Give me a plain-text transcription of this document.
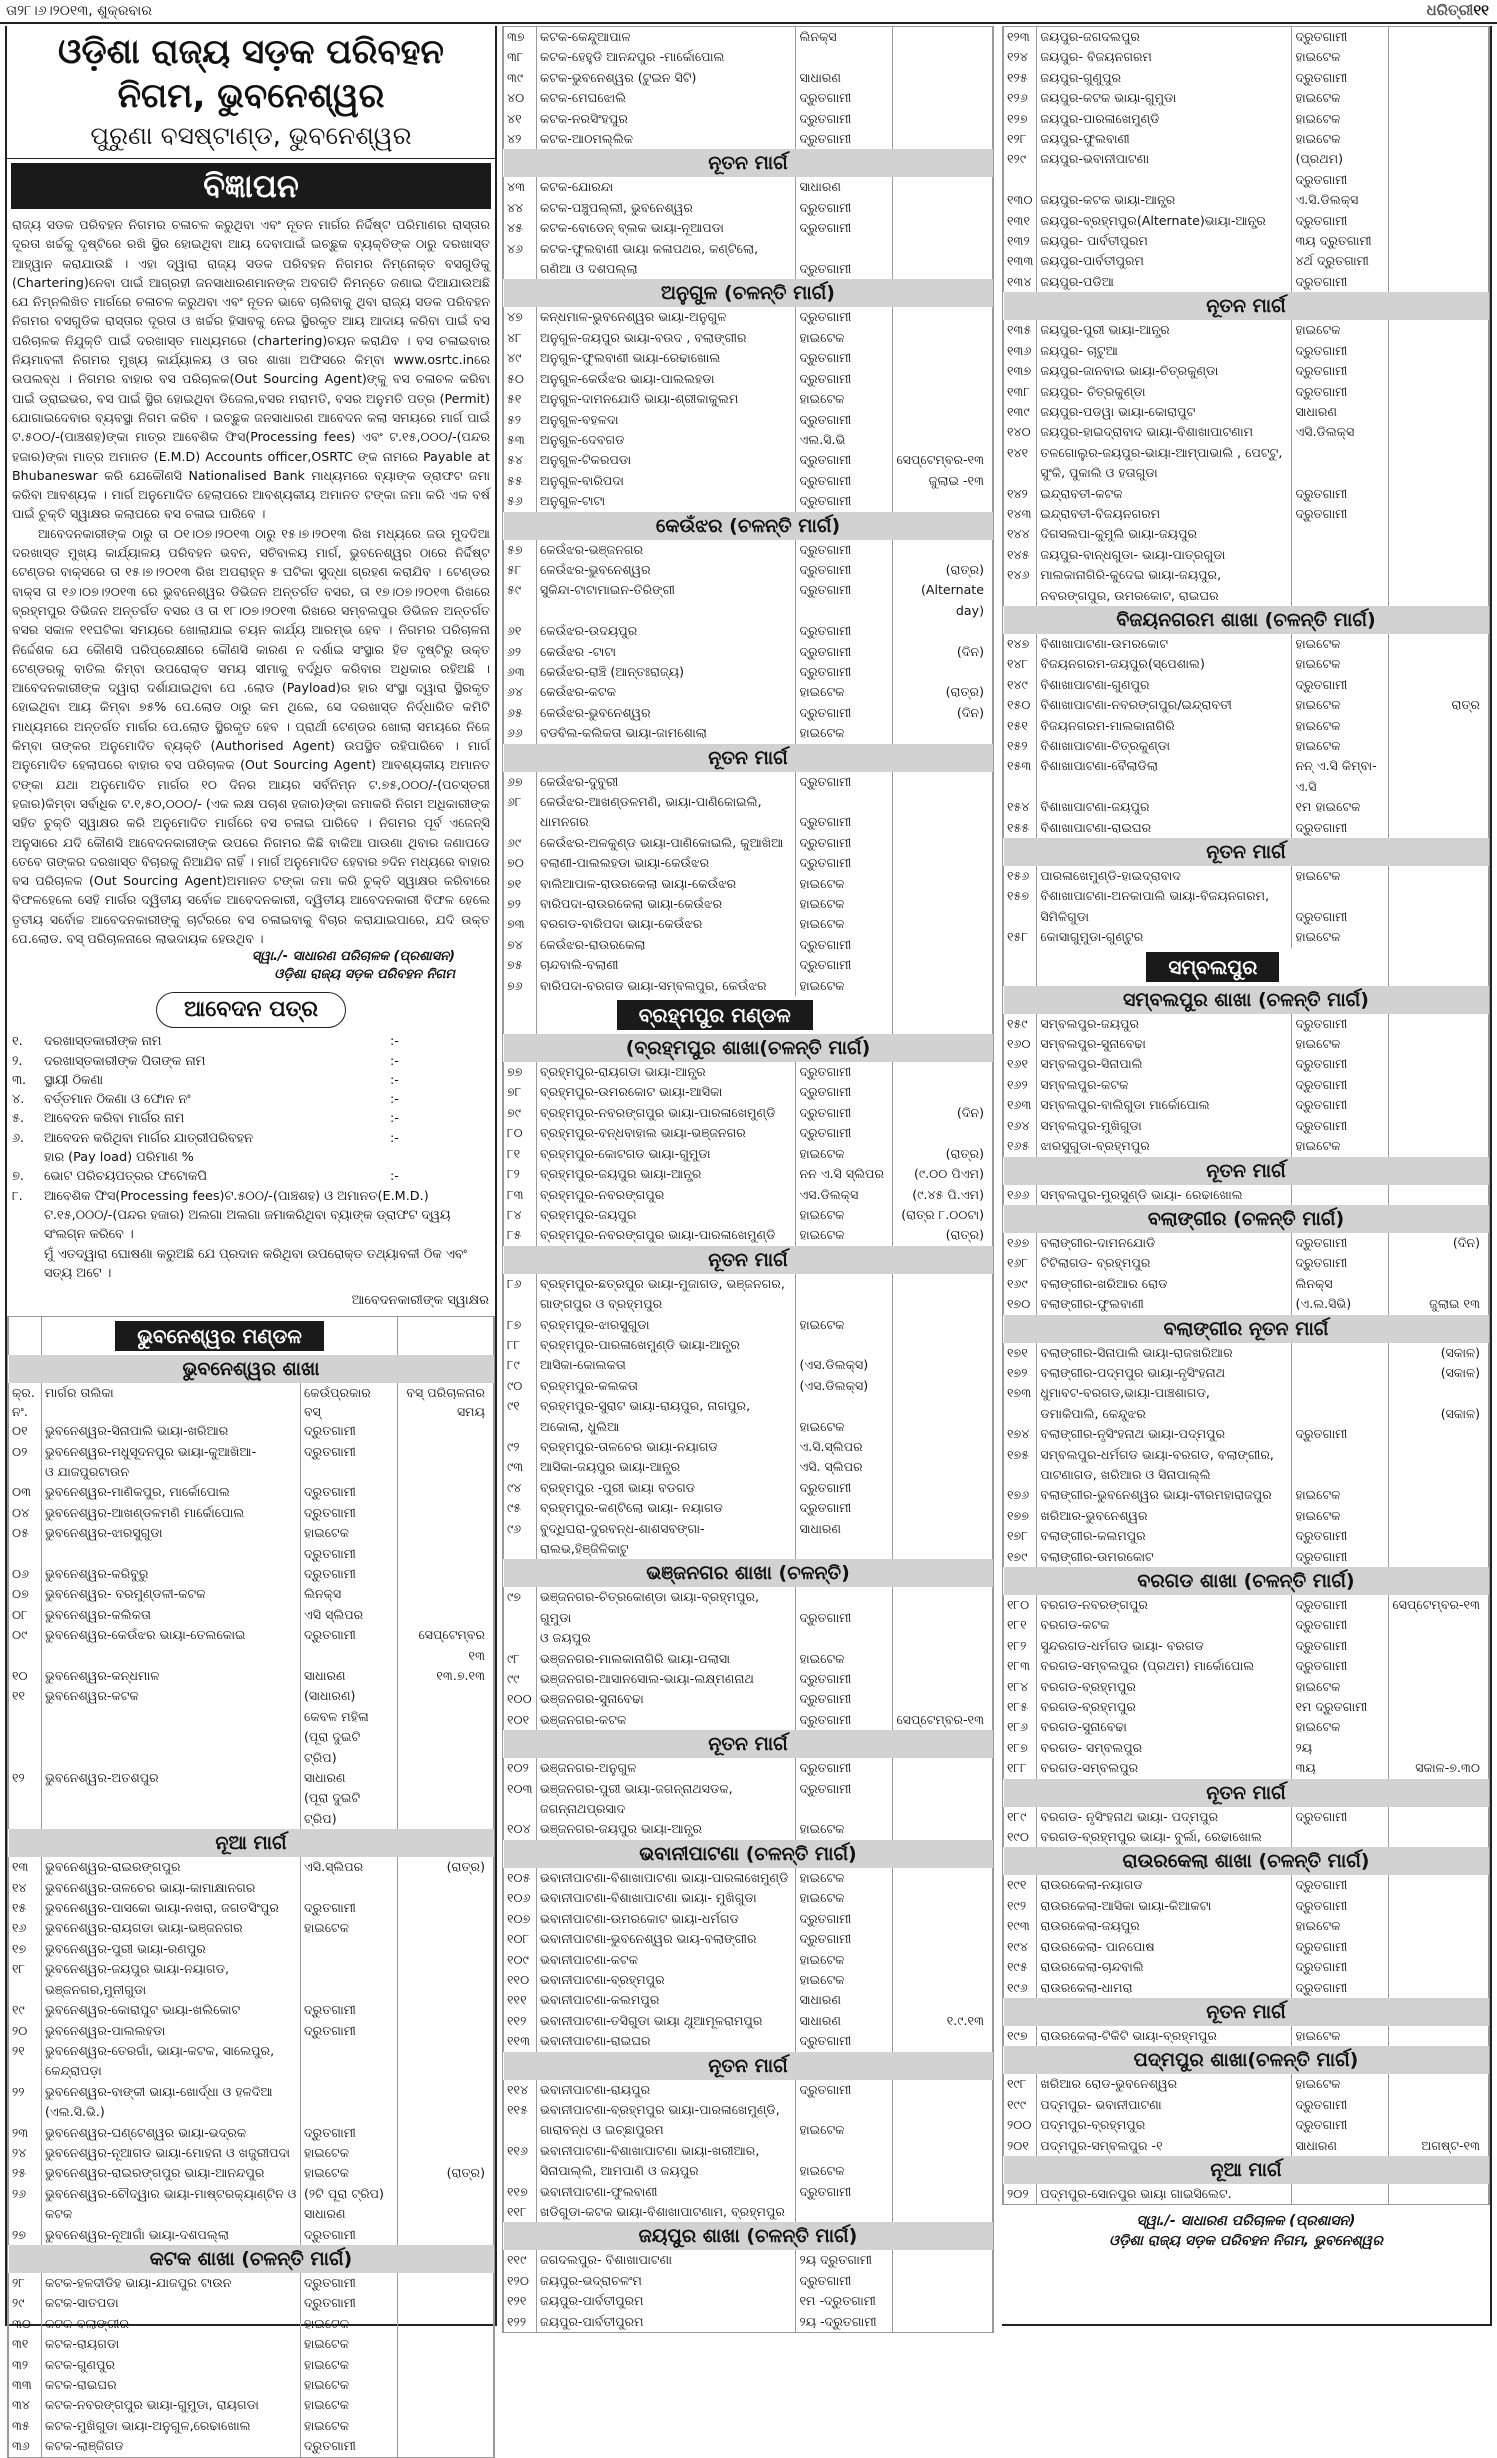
ତା୨୮।୬।୨୦୧୩, ଶୁକ୍ରବାର	ଧରିତ୍ରୀ୧୧
ଓଡ଼ିଶା ରାଜ୍ୟ ସଡ଼କ ପରିବହନ
ନିଗମ, ଭୁବନେଶ୍ୱର
ପୁରୁଣା ବସଷ୍ଟାଣ୍ଡ, ଭୁବନେଶ୍ୱର
ବିଜ୍ଞାପନ

ରାଜ୍ୟ ସଡକ ପରିବହନ ନିଗମର ଚଳାଚଳ କରୁଥିବା ଏବଂ ନୂତନ ମାର୍ଗର ନିର୍ଦ୍ଦିଷ୍ଟ ପରିମାଣର ରାସ୍ତାର ଦୂରତା ଖର୍ଚ୍ଚକୁ ଦୃଷ୍ଟିରେ ରଖି ସ୍ଥିର ହୋଇଥିବା ଆୟ ଦେବାପାଇଁ ଇଚ୍ଛୁକ ବ୍ୟକ୍ତିଙ୍କ ଠାରୁ ଦରଖାସ୍ତ ଆହ୍ୱାନ କରାଯାଉଛି । ଏହା ଦ୍ୱାରା ରାଜ୍ୟ ସଡକ ପରିବହନ ନିଗମର ନିମ୍ନୋକ୍ତ ବସଗୁଡିକୁ (Chartering)ନେବା ପାଇଁ ଆଗ୍ରହୀ ଜନସାଧାରଣମାନଙ୍କ ଅବଗତି ନିମନ୍ତେ ଜଣାଇ ଦିଆଯାଉଅଛି ଯେ ନିମ୍ନଲିଖିତ ମାର୍ଗରେ ଚଳାଚଳ କରୁଥବା ଏବଂ ନୂତନ ଭାବେ ଚାଲିବାକୁ ଥିବା ରାଜ୍ୟ ସଡକ ପରିବହନ ନିଗମର ବସଗୁଡିକ ରାସ୍ତାର ଦୂରତା ଓ ଖର୍ଚ୍ଚର ହିସାବକୁ ନେଇ ସ୍ଥିରକୃତ ଆୟ ଆଦାୟ କରିବା ପାଇଁ ବସ ପରିଚାଳକ ନିଯୁକ୍ତି ପାଇଁ ଦରଖାସ୍ତ ମାଧ୍ୟମରେ (chartering)ଚୟନ କରାଯିବ । ବସ ଚଳାଇବାର ନିୟମାବଳୀ ନିଗମର ମୁଖ୍ୟ କାର୍ଯ୍ୟାଳୟ ଓ ତାର ଶାଖା ଅଫିସରେ କିମ୍ବା www.osrtc.inରେ ଉପଲବ୍ଧ । ନିଗମର ବାହାର ବସ ପରିଚାଳକ(Out Sourcing Agent)ଙ୍କୁ ବସ ଚଳାଚଳ କରିବା ପାଇଁ ଡ୍ରାଇଭର, ବସ ପାଇଁ ସ୍ଥିର ହୋଇଥିବା ଡିଜେଲ,ବସର ମରାମତି, ବସର ଅନୁମତି ପତ୍ର (Permit) ଯୋଗାଇଦେବାର ବ୍ୟବସ୍ଥା ନିଗମ କରିବ । ଇଚ୍ଛୁକ ଜନସାଧାରଣ ଆବେଦନ କଲା ସମୟରେ ମାର୍ଗ ପାଇଁ ଟ.୫୦୦/-(ପାଞ୍ଚଶହ)ଙ୍କା ମାତ୍ର ଆବେଶିକ ଫିସ(Processing fees) ଏବଂ ଟ.୧୫,୦୦୦/-(ପନ୍ଦର ହଜାର)ଙ୍କା ମାତ୍ର ଅମାନତ (E.M.D) Accounts officer,OSRTC ଙ୍କ ନାମରେ Payable at Bhubaneswar କରି ଯେକୌଣସି Nationalised Bank ମାଧ୍ୟମରେ ବ୍ୟାଙ୍କ ଡ୍ରାଫଟ ଜମା କରିବା ଆବଶ୍ୟକ । ମାର୍ଗ ଅନୁମୋଦିତ ହେଲାପରେ ଆବଶ୍ୟକୀୟ ଅମାନତ ଟଙ୍କା ଜମା କରି ଏକ ବର୍ଷ ପାଇଁ ଚୁକ୍ତି ସ୍ୱାକ୍ଷର କଲାପରେ ବସ ଚଳାଇ ପାରିବେ ।

ଆବେଦନକାରୀଙ୍କ ଠାରୁ ତା ୦୧।୦୭।୨୦୧୩ ଠାରୁ ୧୫।୭।୨୦୧୩ ରିଖ ମଧ୍ୟରେ ଜଉ ମୁଦଦିଆ ଦରଖାସ୍ତ ମୁଖ୍ୟ କାର୍ଯ୍ୟାଳୟ ପରିବହନ ଭବନ, ସଚିବାଳୟ ମାର୍ଗ, ଭୁବନେଶ୍ୱର ଠାରେ ନିର୍ଦ୍ଦିଷ୍ଟ ଟେଣ୍ଡର ବାକ୍ସରେ ତା ୧୫।୭।୨୦୧୩ ରିଖ ଅପରାହ୍ନ ୫ ଘଟିକା ସୁଦ୍ଧା ଗ୍ରହଣ କରାଯିବ । ଟେଣ୍ଡର ବାକ୍ସ ତା ୧୬।୦୭।୨୦୧୩ ରେ ଭୁବନେଶ୍ୱର ଡିଭିଜନ ଅନ୍ତର୍ଗତ ବସର, ତା ୧୭।୦୭।୨୦୧୩ ରିଖରେ ବ୍ରହ୍ମପୁର ଡିଭିଜନ ଅନ୍ତର୍ଗତ ବସର ଓ ତା ୧୮।୦୭।୨୦୧୩ ରିଖରେ ସମ୍ବଲପୁର ଡିଭିଜନ ଅନ୍ତର୍ଗତ ବସର ସକାଳ ୧୧ଘଟିକା ସମୟରେ ଖୋଲାଯାଇ ଚୟନ କାର୍ଯ୍ୟ ଆରମ୍ଭ ହେବ । ନିଗମର ପରିଚାଳନା ନିର୍ଦ୍ଦେଶକ ଯେ କୌଣସି ପରିପ୍ରେକ୍ଷୀରେ କୌଣସି କାରଣ ନ ଦର୍ଶାଇ ସଂସ୍ଥାର ହିତ ଦୃଷ୍ଟିରୁ ଉକ୍ତ ଟେଣ୍ଡରକୁ ବାତିଲ କିମ୍ବା ଉପରୋକ୍ତ ସମୟ ସୀମାକୁ ବର୍ଦ୍ଧିତ କରିବାର ଅଧିକାର ରହିଅଛି । ଆବେଦନକାରୀଙ୍କ ଦ୍ୱାରା ଦର୍ଶାଯାଇଥିବା ପେ .ଲୋଡ (Payload)ର ହାର ସଂସ୍ଥା ଦ୍ୱାରା ସ୍ଥିରକୃତ ହୋଇଥିବା ଆୟ କିମ୍ବା ୭୫% ପେ.ଲୋଡ ଠାରୁ କମ ଥିଲେ, ସେ ଦରଖାସ୍ତ ନିର୍ଦ୍ଧାରିତ କମିଟି ମାଧ୍ୟମରେ ଅନ୍ତର୍ଗତ ମାର୍ଗର ପେ.ଲୋଡ ସ୍ଥିରକୃତ ହେବ । ପ୍ରାର୍ଥୀ ଟେଣ୍ଡର ଖୋଲା ସମୟରେ ନିଜେ କିମ୍ବା ତାଙ୍କର ଅନୁମୋଦିତ ବ୍ୟକ୍ତି (Authorised Agent) ଉପସ୍ଥିତ ରହିପାରିବେ । ମାର୍ଗ ଅନୁମୋଦିତ ହେଲାପରେ ବାହାର ବସ ପରିଚାଳକ (Out Sourcing Agent) ଆବଶ୍ୟକୀୟ ଅମାନତ ଟଙ୍କା ଯଥା ଅନୁମୋଦିତ ମାର୍ଗର ୧୦ ଦିନର ଆୟର ସର୍ବନିମ୍ନ ଟ.୭୫,୦୦୦/-(ପଚସ୍ତରୀ ହଜାର)କିମ୍ବା ସର୍ବାଧିକ ଟ.୧,୫୦,୦୦୦/- (ଏକ ଲକ୍ଷ ପଚାଶ ହଜାର)ଙ୍କା ଜମାକରି ନିଗମ ଅଧିକାରୀଙ୍କ ସହିତ ଚୁକ୍ତି ସ୍ୱାକ୍ଷର କରି ଅନୁମୋଦିତ ମାର୍ଗରେ ବସ ଚଳାଇ ପାରିବେ । ନିଗମର ପୂର୍ବ ଏଜେନ୍ସି ଅନୁସାରେ ଯଦି କୌଣସି ଆବେଦନକାରୀଙ୍କ ଉପରେ ନିଗମର କିଛି ବାକିଆ ପାଉଣା ଥିବାର ଜଣାପଡେ ତେବେ ତାଙ୍କର ଦରଖାସ୍ତ ବିଚାରକୁ ନିଆଯିବ ନାହିଁ । ମାର୍ଗ ଅନୁମୋଦିତ ହେବାର ୭ଦିନ ମଧ୍ୟରେ ବାହାର ବସ ପରିଚାଳକ (Out Sourcing Agent)ଅମାନତ ଟଙ୍କା ଜମା କରି ଚୁକ୍ତି ସ୍ୱାକ୍ଷର କରିବାରେ ବିଫଳହେଲେ ସେହି ମାର୍ଗର ଦ୍ୱିତୀୟ ସର୍ବୋଚ୍ଚ ଆବେଦନକାରୀ, ଦ୍ୱିତୀୟ ଆବେଦନକାରୀ ବିଫଳ ହେଲେ ତୃତୀୟ ସର୍ବୋଚ୍ଚ ଆବେଦନକାରୀଙ୍କୁ ଚାର୍ଟରରେ ବସ ଚଳାଇବାକୁ ବିଚାର କରାଯାଇପାରେ, ଯଦି ଉକ୍ତ ପେ.ଲୋଡ. ବସ୍ ପରିଚାଳନାରେ ଲାଭଦାୟକ ହେଉଥିବ ।

ସ୍ୱା./- ସାଧାରଣ ପରିଚାଳକ (ପ୍ରଶାସନ)
ଓଡ଼ିଶା ରାଜ୍ୟ ସଡ଼କ ପରିବହନ ନିଗମ
ଆବେଦନ ପତ୍ର
୧.	ଦରଖାସ୍ତକାରୀଙ୍କ ନାମ	:-
୨.	ଦରଖାସ୍ତକାରୀଙ୍କ ପିତାଙ୍କ ନାମ	:-
୩.	ସ୍ଥାୟୀ ଠିକଣା	:-
୪.	ବର୍ତ୍ତମାନ ଠିକଣା ଓ ଫୋନ ନଂ	:-
୫.	ଆବେଦନ କରିବା ମାର୍ଗର ନାମ	:-
୬.	ଆବେଦନ କରିଥିବା ମାର୍ଗର ଯାତ୍ରୀପରିବହନ
ହାର (Pay load) ପରିମାଣ %
:-
୭.	ଭୋଟ ପରିଚୟପତ୍ରର ଫଟୋକପି	:-
୮.	ଆବେଶିକ ଫିସ(Processing fees)ଟ.୫୦୦/-(ପାଞ୍ଚଶହ) ଓ ଅମାନତ(E.M.D.) ଟ.୧୫,୦୦୦/-(ପନ୍ଦର ହଜାର) ଅଲଗା ଅଲଗା ଜମାକରିଥିବା ବ୍ୟାଙ୍କ ଡ୍ରାଫଟ ଦ୍ୱୟ ସଂଲଗ୍ନ କରିବେ ।
ମୁଁ ଏତଦ୍ୱାରା ଘୋଷଣା କରୁଅଛି ଯେ ପ୍ରଦାନ କରିଥିବା ଉପରୋକ୍ତ ତଥ୍ୟାବଳୀ ଠିକ ଏବଂ ସତ୍ୟ ଅଟେ ।
ଆବେଦନକାରୀଙ୍କ ସ୍ୱାକ୍ଷର
	ଭୁବନେଶ୍ୱର ମଣ୍ଡଳ		
ଭୁବନେଶ୍ୱର ଶାଖା			
କ୍ର.
ନଂ.	ମାର୍ଗର ତାଲିକା	କେଉଁପ୍ରକାର
ବସ୍	ବସ୍ ପରିଚାଳନାର
ସମୟ
୦୧	ଭୁବନେଶ୍ୱର-ସିନାପାଲି ଭାୟା-ଖରିଆର	ଦ୍ରୁତଗାମୀ	
୦୨	ଭୁବନେଶ୍ୱର-ମଧୁସୂଦନପୁର ଭାୟା-କୁଆଖିଆ-
ଓ ଯାଜପୁରଟାଉନ	ଦ୍ରୁତଗାମୀ	
୦୩	ଭୁବନେଶ୍ୱର-ମାଣିକପୁର, ମାର୍କୋପୋଲ	ଦ୍ରୁତଗାମୀ	
୦୪	ଭୁବନେଶ୍ୱର-ଆଖଣ୍ଡଳମଣି ମାର୍କୋପୋଲ	ଦ୍ରୁତଗାମୀ	
୦୫	ଭୁବନେଶ୍ୱର-ଝାରସୁଗୁଡା	ହାଇଟେକ ଦ୍ରୁତଗାମୀ	
୦୬	ଭୁବନେଶ୍ୱର-କରିବୁରୁ	ଦ୍ରୁତଗାମୀ	
୦୭	ଭୁବନେଶ୍ୱର- ବରମୁଣ୍ଡଳୀ-କଟକ	ଲିନକ୍ସ	
୦୮	ଭୁବନେଶ୍ୱର-କଲିକତା	ଏସି ସ୍ଲିପର	
୦୯	ଭୁବନେଶ୍ୱର-କେଉଁଝର ଭାୟା-ତେଲକୋଇ	ଦ୍ରୁତଗାମୀ	ସେପ୍ଟେମ୍ବର ୧୩
୧୦	ଭୁବନେଶ୍ୱର-କନ୍ଧମାଳ	ସାଧାରଣ	୧୩.୭.୧୩
୧୧	ଭୁବନେଶ୍ୱର-କଟକ	(ସାଧାରଣ)
କେବଳ ମହିଳା
(ପୂରା ଦୁଇଟି ଟ୍ରିପ)	
୧୨	ଭୁବନେଶ୍ୱର-ଅତଶପୁର	ସାଧାରଣ
(ପୂରା ଦୁଇଟି ଟ୍ରିପ)	
ନୂଆ ମାର୍ଗ			
୧୩	ଭୁବନେଶ୍ୱର-ରାଇରଙ୍ଗପୁର	ଏସି.ସ୍ଲିପର	(ରାତ୍ର)
୧୪	ଭୁବନେଶ୍ୱର-ତାଳଚେର ଭାୟା-କାମାକ୍ଷାନଗର		
୧୫	ଭୁବନେଶ୍ୱର-ପାସକୋ ଭାୟା-ନଖରା, ଜଗତସିଂପୁର	ଦ୍ରୁତଗାମୀ	
୧୬	ଭୁବନେଶ୍ୱର-ରାୟଗଡା ଭାୟା-ଭଞ୍ଜନଗର	ହାଇଟେକ	
୧୭	ଭୁବନେଶ୍ୱର-ପୁରୀ ଭାୟା-ରଣପୁର		
୧୮	ଭୁବନେଶ୍ୱର-ଜୟପୁର ଭାୟା-ନୟାଗଡ, ଭଞ୍ଜନଗର,ମୁନୀଗୁଡା		
୧୯	ଭୁବନେଶ୍ୱର-କୋରାପୁଟ ଭାୟା-ଖଲିକୋଟ	ଦ୍ରୁତଗାମୀ	
୨୦	ଭୁବନେଶ୍ୱର-ପାଲଲହଡା	ଦ୍ରୁତଗାମୀ	
୨୧	ଭୁବନେଶ୍ୱର-ତେରଗାଁ, ଭାୟା-କଟକ, ସାଲେପୁର, କେନ୍ଦ୍ରାପଡ଼ା		
୨୨	ଭୁବନେଶ୍ୱର-ବାଙ୍କୀ ଭାୟା-ଖୋର୍ଦ୍ଧା ଓ ହଳଦିଆ (ଏଲ.ସି.ଭି.)		
୨୩	ଭୁବନେଶ୍ୱର-ଘଣ୍ଟେଶ୍ୱର ଭାୟା-ଭଦ୍ରକ	ଦ୍ରୁତଗାମୀ	
୨୪	ଭୁବନେଶ୍ୱର-ନୂଆଗଡ ଭାୟା-ମୋହନା ଓ ଖଜୁରୀପଦା	ହାଇଟେକ	
୨୫	ଭୁବନେଶ୍ୱର-ରାଇରଙ୍ଗପୁର ଭାୟା-ଆନନ୍ଦପୁର	ହାଇଟେକ	(ରାତ୍ର)
୨୬	ଭୁବନେଶ୍ୱର-ଚୌଦ୍ୱାର ଭାୟା-ମାଷ୍ଟରକ୍ୟାଣ୍ଟିନ ଓ କଟକ	(୨ଟି ପୂରା ଟ୍ରିପ)
ସାଧାରଣ	
୨୭	ଭୁବନେଶ୍ୱର-ନୂଆଗାଁ ଭାୟା-ଦଶପଲ୍ଲା	ଦ୍ରୁତଗାମୀ	
କଟକ ଶାଖା (ଚଳନ୍ତି ମାର୍ଗ)			
୨୮	କଟକ-ହଳଦୀଡିହ ଭାୟା-ଯାଜପୁର ଟାଉନ	ଦ୍ରୁତଗାମୀ	
୨୯	କଟକ-ସାତପଡା	ଦ୍ରୁତଗାମୀ	
୩୦	କଟକ-ବଲାଙ୍ଗୀର	ହାଇଟେକ	
୩୧	କଟକ-ରାୟଗଡା	ହାଇଟେକ	
୩୨	କଟକ-ଗୁଣପୁର	ହାଇଟେକ	
୩୩	କଟକ-ରାଇଘର	ହାଇଟେକ	
୩୪	କଟକ-ନବରଙ୍ଗପୁର ଭାୟା-ଗୁମୁଡା, ରାୟଗଡା	ହାଇଟେକ	
୩୫	କଟକ-ମୁଖିଗୁଡା ଭାୟା-ଅନୁଗୁଳ,ରେଢାଖୋଲ	ହାଇଟେକ	
୩୬	କଟକ-ଲାଞ୍ଜିଗଡ	ଦ୍ରୁତଗାମୀ	
୩୭	କଟକ-କେନ୍ଦୁଆପାଳ	ଲିନକ୍ସ	
୩୮	କଟକ-ହେହୁଡି ଆନନ୍ଦପୁର -ମାର୍କୋପୋଲ		
୩୯	କଟକ-ଭୁବନେଶ୍ୱର (ଟୁଇନ ସିଟି)	ସାଧାରଣ	
୪୦	କଟକ-ମେଘଝୋଲି	ଦ୍ରୁତଗାମୀ	
୪୧	କଟକ-ନରସିଂହପୁର	ଦ୍ରୁତଗାମୀ	
୪୨	କଟକ-ଆଠମଲ୍ଲିକ	ଦ୍ରୁତଗାମୀ	
ନୂତନ ମାର୍ଗ			
୪୩	କଟକ-ଯୋରନ୍ଦା	ସାଧାରଣ	
୪୪	କଟକ-ପଞ୍ଚୁପଲ୍ଲୀ, ଭୁବନେଶ୍ୱର	ଦ୍ରୁତଗାମୀ	
୪୫	କଟକ-ବୋଡେନ୍ ବ୍ଲକ ଭାୟା-ନୂଆପଡା	ଦ୍ରୁତଗାମୀ	
୪୬	କଟକ-ଫୁଲବାଣୀ ଭାୟା କଳାପଥର, କଣ୍ଟିଲୋ,
ଗଣିଆ ଓ ଦଶପଲ୍ଲା	
ଦ୍ରୁତଗାମୀ	
ଅନୁଗୁଳ (ଚଳନ୍ତି ମାର୍ଗ)			
୪୭	କନ୍ଧମାଳ-ଭୁବନେଶ୍ୱର ଭାୟା-ଅନୁଗୁଳ	ଦ୍ରୁତଗାମୀ	
୪୮	ଅନୁଗୁଳ-ଜୟପୁର ଭାୟା-ବଉଦ , ବଲାଙ୍ଗୀର	ହାଇଟେକ	
୪୯	ଅନୁଗୁଳ-ଫୁଲବାଣୀ ଭାୟା-ରେଢାଖୋଲ	ଦ୍ରୁତଗାମୀ	
୫୦	ଅନୁଗୁଳ-କେଉଁଝର ଭାୟା-ପାଲଲହଡା	ଦ୍ରୁତଗାମୀ	
୫୧	ଅନୁଗୁଳ-ଦାମନଯୋଡି ଭାୟା-ଶ୍ରୀକାକୁଲମ	ହାଇଟେକ	
୫୨	ଅନୁଗୁଳ-ବହଳଦା	ଦ୍ରୁତଗାମୀ	
୫୩	ଅନୁଗୁଳ-ଦେବଗଡ	ଏଲ.ସି.ଭି	
୫୪	ଅନୁଗୁଳ-ଟିକରପଡା	ଦ୍ରୁତଗାମୀ	ସେପ୍ଟେମ୍ବର-୧୩
୫୫	ଅନୁଗୁଳ-ବାରିପଦା	ଦ୍ରୁତଗାମୀ	ଜୁଲାଇ -୧୩
୫୬	ଅନୁଗୁଳ-ଟାଟା	ଦ୍ରୁତଗାମୀ	
କେଉଁଝର (ଚଳନ୍ତି ମାର୍ଗ)			
୫୭	କେଉଁଝର-ଭଞ୍ଜନଗର	ଦ୍ରୁତଗାମୀ	
୫୮	କେଉଁଝର-ଭୁବନେଶ୍ୱର	ଦ୍ରୁତଗାମୀ	(ରାତ୍ର)
୫୯	ସୁକିନ୍ଦା-ଟାଟାମାଇନ-ତିରିଙ୍ଗୀ	ଦ୍ରୁତଗାମୀ	(Alternate day)
୬୧	କେଉଁଝର-ଉଦୟପୁର	ଦ୍ରୁତଗାମୀ	
୬୨	କେଉଁଝର -ଟାଟା	ଦ୍ରୁତଗାମୀ	(ଦିନ)
୬୩	କେଉଁଝର-ରାଞ୍ଚି (ଆନ୍ତଃରାଜ୍ୟ)	ଦ୍ରୁତଗାମୀ	
୬୪	କେଉଁଝର-କଟକ	ହାଇଟେକ	(ରାତ୍ର)
୬୫	କେଉଁଝର-ଭୁବନେଶ୍ୱର	ଦ୍ରୁତଗାମୀ	(ଦିନ)
୬୬	ବଡବିଲ-କଲିକତା ଭାୟା-ଜାମଶୋଲା	ହାଇଟେକ	
ନୂତନ ମାର୍ଗ			
୬୭	କେଉଁଝର-ଦୁବୁରୀ	ଦ୍ରୁତଗାମୀ	
୬୮	କେଉଁଝର-ଆଖଣ୍ଡଳମଣି, ଭାୟା-ପାଣିକୋଇଲି,
ଧାମନଗର	
ଦ୍ରୁତଗାମୀ	
୬୯	କେଉଁଝର-ଅଳକୁଣ୍ଡ ଭାୟା-ପାଣିକୋଇଲି, କୁଆଖିଆ	ଦ୍ରୁତଗାମୀ	
୭୦	ବଲାଣୀ-ପାଲଲହଡା ଭାୟା-କେଉଁଝର	ଦ୍ରୁତଗାମୀ	
୭୧	ବାଲିଆପାଳ-ରାଉରକେଲା ଭାୟା-କେଉଁଝର	ହାଇଟେକ	
୭୨	ବାରିପଦା-ରାଉରକେଲା ଭାୟା-କେଉଁଝର	ହାଇଟେକ	
୭୩	ବରଗଡ-ବାରିପଦା ଭାୟା-କେଉଁଝର	ହାଇଟେକ	
୭୪	କେଉଁଝର-ରାଉରକେଲା	ଦ୍ରୁତଗାମୀ	
୭୫	ଚାନ୍ଦବାଲି-ବଲାଣୀ	ଦ୍ରୁତଗାମୀ	
୭୬	ବାରିପଦା-ବରଗଡ ଭାୟା-ସମ୍ବଲପୁର, କେଉଁଝର	ହାଇଟେକ	
	ବ୍ରହ୍ମପୁର ମଣ୍ଡଳ		
(ବ୍ରହ୍ମପୁର ଶାଖା(ଚଳନ୍ତି ମାର୍ଗ)			
୭୭	ବ୍ରହ୍ମପୁର-ରାୟଗଡା ଭାୟା-ଆନ୍ଧ୍ର	ଦ୍ରୁତଗାମୀ	
୭୮	ବ୍ରହ୍ମପୁର-ଉମରକୋଟ ଭାୟା-ଆସିକା	ଦ୍ରୁତଗାମୀ	
୭୯	ବ୍ରହ୍ମପୁର-ନବରଙ୍ଗପୁର ଭାୟା-ପାରଳାଖେମୁଣ୍ଡି	ଦ୍ରୁତଗାମୀ	(ଦିନ)
୮୦	ବ୍ରହ୍ମପୁର-ବନ୍ଧବାହାଲ ଭାୟା-ଭଞ୍ଜନଗର	ଦ୍ରୁତଗାମୀ	
୮୧	ବ୍ରହ୍ମପୁର-କୋଟଗଡ ଭାୟା-ଗୁମୁଡା	ହାଇଟେକ	(ରାତ୍ର)
୮୨	ବ୍ରହ୍ମପୁର-ଜୟପୁର ଭାୟା-ଆନ୍ଧ୍ର	ନନ ଏ.ସି ସ୍ଲିପର	(୯.୦୦ ପିଏମ)
୮୩	ବ୍ରହ୍ମପୁର-ନବରଙ୍ଗପୁର	ଏସ.ଡିଲକ୍ସ	(୯.୪୫ ପି.ଏମ)
୮୪	ବ୍ରହ୍ମପୁର-ଜୟପୁର	ହାଇଟେକ	(ରାତ୍ର ୮.୦୦ଟା)
୮୫	ବ୍ରହ୍ମପୁର-ନବରଙ୍ଗପୁର ଭାୟା-ପାରଳାଖେମୁଣ୍ଡି	ହାଇଟେକ	(ରାତ୍ର)
ନୂତନ ମାର୍ଗ			
୮୬	ବ୍ରହ୍ମପୁର-ଛତ୍ରପୁର ଭାୟା-ମୁଜାଗଡ, ଭଞ୍ଜନଗର,
ଗାଙ୍ଗପୁର ଓ ବ୍ରହ୍ମପୁର		
୮୭	ବ୍ରହ୍ମପୁର-ଝାରସୁଗୁଡା	ହାଇଟେକ	
୮୮	ବ୍ରହ୍ମପୁର-ପାରଳାଖେମୁଣ୍ଡି ଭାୟା-ଆନ୍ଧ୍ର		
୮୯	ଆସିକା-କୋଲକତା	(ଏସ.ଡିଲକ୍ସ)	
୯୦	ବ୍ରହ୍ମପୁର-କଲକତା	(ଏସ.ଡିଲକ୍ସ)	
୯୧	ବ୍ରହ୍ମପୁର-ସୁରାଟ ଭାୟା-ରାୟପୁର, ନାଗପୁର,
ଅକୋଲା, ଧୁଲିଆ	
ହାଇଟେକ	
୯୨	ବ୍ରହ୍ମପୁର-ତାଳଚେର ଭାୟା-ନୟାଗଡ	ଏ.ସି.ସ୍ଲିପର	
୯୩	ଆସିକା-ଜୟପୁର ଭାୟା-ଆନ୍ଧ୍ର	ଏସି. ସ୍ଲିପର	
୯୪	ବ୍ରହ୍ମପୁର -ପୁରୀ ଭାୟା ବଡଗଡ	ଦ୍ରୁତଗାମୀ	
୯୫	ବ୍ରହ୍ମପୁର-କଣ୍ଟିଲୋ ଭାୟା- ନୟାଗଡ	ଦ୍ରୁତଗାମୀ	
୯୬	ବୁଦ୍ଧିଘରା-ଦୁରବନ୍ଧ-ଶାଶସବଙ୍ଗା-ରାଲଭ,ହିଞ୍ଜିଳିକାଟୁ	ସାଧାରଣ	
ଭଞ୍ଜନଗର ଶାଖା (ଚଳନ୍ତି)			
୯୭	ଭଞ୍ଜନଗର-ଚିତ୍ରକୋଣ୍ଡା ଭାୟା-ବ୍ରହ୍ମପୁର, ଗୁମୁଡା
ଓ ଜୟପୁର	
ଦ୍ରୁତଗାମୀ	
୯୮	ଭଞ୍ଜନଗର-ମାଲକାନାଗିରି ଭାୟା-ପଲାସା	ହାଇଟେକ	
୯୯	ଭଞ୍ଜନଗର-ଆସାନସୋଲ-ଭାୟା-ଲକ୍ଷ୍ମଣନାଥ	ଦ୍ରୁତଗାମୀ	
୧୦୦	ଭଞ୍ଜନଗର-ସୁନାବେଢା	ଦ୍ରୁତଗାମୀ	
୧୦୧	ଭଞ୍ଜନଗର-କଟକ	ଦ୍ରୁତଗାମୀ	ସେପ୍ଟେମ୍ବର-୧୩
ନୂତନ ମାର୍ଗ			
୧୦୨	ଭଞ୍ଜନଗର-ଅନୁଗୁଳ	ଦ୍ରୁତଗାମୀ	
୧୦୩	ଭଞ୍ଜନଗର-ପୁରୀ ଭାୟା-ଜଗନ୍ନାଥସଡକ, ଜଗନ୍ନାଥପ୍ରସାଦ	ଦ୍ରୁତଗାମୀ	
୧୦୪	ଭଞ୍ଜନଗର-ଜୟପୁର ଭାୟା-ଆନ୍ଧ୍ର	ହାଇଟେକ	
ଭବାନୀପାଟଣା (ଚଳନ୍ତି ମାର୍ଗ)			
୧୦୫	ଭବାନୀପାଟଣା-ବିଶାଖାପାଟଣା ଭାୟା-ପାରଳାଖେମୁଣ୍ଡି	ହାଇଟେକ	
୧୦୬	ଭବାନୀପାଟଣା-ବିଶାଖାପାଟଣା ଭାୟା- ମୁଖିଗୁଡା	ହାଇଟେକ	
୧୦୭	ଭବାନୀପାଟଣା-ଉମରକୋଟ ଭାୟା-ଧର୍ମଗଡ	ଦ୍ରୁତଗାମୀ	
୧୦୮	ଭବାନୀପାଟଣା-ଭୁବନେଶ୍ୱର ଭାୟ-ବଲାଙ୍ଗୀର	ଦ୍ରୁତଗାମୀ	
୧୦୯	ଭବାନୀପାଟଣା-କଟକ	ହାଇଟେକ	
୧୧୦	ଭବାନୀପାଟଣା-ବ୍ରହ୍ମପୁର	ହାଇଟେକ	
୧୧୧	ଭବାନୀପାଟଣା-କଲମପୁର	ସାଧାରଣ	
୧୧୨	ଭବାନୀପାଟଣା-ତସିଗୁଡା ଭାୟା ଥୁଆମୂଳରାମପୁର	ସାଧାରଣ	୧.୯.୧୩
୧୧୩	ଭବାନୀପାଟଣା-ରାଇଘର	ଦ୍ରୁତଗାମୀ	
ନୂତନ ମାର୍ଗ			
୧୧୪	ଭବାନୀପାଟଣା-ରାୟପୁର	ଦ୍ରୁତଗାମୀ	
୧୧୫	ଭବାନୀପାଟଣା-ବ୍ରହ୍ମପୁର ଭାୟା-ପାରଳାଖେମୁଣ୍ଡି,
ଗାରାବନ୍ଧ ଓ ଇଚ୍ଛାପୁରମ	
ହାଇଟେକ	
୧୧୬	ଭବାନୀପାଟଣା-ବିଶାଖାପାଟଣା ଭାୟା-ଖରୀଆର,
ସିନାପାଲ୍ଲି, ଆମପାଣି ଓ ଜୟପୁର	
ହାଇଟେକ	
୧୧୭	ଭବାନୀପାଟଣା-ଫୁଲବାଣୀ	ଦ୍ରୁତଗାମୀ	
୧୧୮	ଖଡିଗୁଡା-କଟକ ଭାୟା-ବିଶାଖାପାଟଣାମ, ବ୍ରହ୍ମପୁର		
ଜୟପୁର ଶାଖା (ଚଳନ୍ତି ମାର୍ଗ)			
୧୧୯	ଜଗଦଲପୁର- ବିଶାଖାପାଟଣା	୨ୟ ଦ୍ରୁତଗାମୀ	
୧୨୦	ଜୟପୁର-ଭଦ୍ରାଚଳଂମ	ଦ୍ରୁତଗାମୀ	
୧୨୧	ଜୟପୁର-ପାର୍ବତୀପୁରମ	୧ମ -ଦ୍ରୁତଗାମୀ	
୧୨୨	ଜୟପୁର-ପାର୍ବତୀପୁରମ	୨ୟ -ଦ୍ରୁତଗାମୀ	
୧୨୩	ଜୟପୁର-ଜଗଦଲପୁର	ଦ୍ରୁତଗାମୀ	
୧୨୪	ଜୟପୁର- ବିଜୟନଗରମ	ହାଇଟେକ	
୧୨୫	ଜୟପୁର-ଗୁଣୁପୁର	ଦ୍ରୁତଗାମୀ	
୧୨୬	ଜୟପୁର-କଟକ ଭାୟା-ଗୁମୁଡା	ହାଇଟେକ	
୧୨୭	ଜୟପୁର-ପାରଳାଖେମୁଣ୍ଡି	ହାଇଟେକ	
୧୨୮	ଜୟପୁର-ଫୁଲବାଣୀ	ହାଇଟେକ	
୧୨୯	ଜୟପୁର-ଭବାନୀପାଟଣା	(ପ୍ରଥମ) ଦ୍ରୁତଗାମୀ	
୧୩୦	ଜୟପୁର-କଟକ ଭାୟା-ଆନ୍ଧ୍ର	ଏ.ସି.ଡିଲକ୍ସ	
୧୩୧	ଜୟପୁର-ବ୍ରହ୍ମପୁର(Alternate)ଭାୟା-ଆନ୍ଧ୍ର	ଦ୍ରୁତଗାମୀ	
୧୩୨	ଜୟପୁର- ପାର୍ବତୀପୁରମ	୩ୟ ଦ୍ରୁତଗାମୀ	
୧୩୩	ଜୟପୁର-ପାର୍ବତୀପୁରମ	୪ର୍ଥ ଦ୍ରୁତଗାମୀ	
୧୩୪	ଜୟପୁର-ପଡିଆ	ଦ୍ରୁତଗାମୀ	
ନୂତନ ମାର୍ଗ			
୧୩୫	ଜୟପୁର-ପୁରୀ ଭାୟା-ଆନ୍ଧ୍ର	ହାଇଟେକ	
୧୩୬	ଜୟପୁର- ଚାଟୁଆ	ଦ୍ରୁତଗାମୀ	
୧୩୭	ଜୟପୁର-ଜାନବାଇ ଭାୟା-ଚିତ୍ରକୁଣ୍ଡା	ଦ୍ରୁତଗାମୀ	
୧୩୮	ଜୟପୁର- ଚିତ୍ରକୁଣ୍ଡା	ଦ୍ରୁତଗାମୀ	
୧୩୯	ଜୟପୁର-ପଡୱା ଭାୟା-କୋରାପୁଟ	ସାଧାରଣ	
୧୪୦	ଜୟପୁର-ହାଇଦ୍ରାବାଦ ଭାୟା-ବିଶାଖାପାଟଣାମ	ଏସି.ଡିଲକ୍ସ	
୧୪୧	ତଳଗୋଲୁର-ଜୟପୁର-ଭାୟା-ଆମ୍ପାଭାଲି , ପେଟ୍ଟୁ,
ସୁଂକି, ପୁକାଲି ଓ ହତାଗୁଡା		
୧୪୨	ଇନ୍ଦ୍ରାବତୀ-କଟକ	ଦ୍ରୁତଗାମୀ	
୧୪୩	ଇନ୍ଦ୍ରାବତୀ-ବିଜୟନଗରମ	ଦ୍ରୁତଗାମୀ	
୧୪୪	ଦିଗସଲପା-କୁମୁଲି ଭାୟା-ଜୟପୁର		
୧୪୫	ଜୟପୁର-ବାନ୍ଧଗୁଡା- ଭାୟା-ପାତ୍ରଗୁଡା		
୧୪୬	ମାଲକାନାଗିରି-କୁଦେଇ ଭାୟା-ଜୟପୁର,
ନବରଙ୍ଗପୁର, ଉମରକୋଟ, ରାଇଘର		
ବିଜୟନଗରମ ଶାଖା (ଚଳନ୍ତି ମାର୍ଗ)			
୧୪୭	ବିଶାଖାପାଟଣା-ଉମରକୋଟ	ହାଇଟେକ	
୧୪୮	ବିଜୟନଗରମ-ଜୟପୁର(ସ୍ପେଶାଲ)	ହାଇଟେକ	
୧୪୯	ବିଶାଖାପାଟଣା-ଗୁଣପୁର	ଦ୍ରୁତଗାମୀ	
୧୫୦	ବିଶାଖାପାଟଣା-ନବରଙ୍ଗପୁର/ଇନ୍ଦ୍ରାବତୀ	ହାଇଟେକ	ରାତ୍ର
୧୫୧	ବିଜୟନଗରମ-ମାଲକାନାଗିରି	ହାଇଟେକ	
୧୫୨	ବିଶାଖାପାଟଣା-ଚିତ୍ରକୁଣ୍ଡା	ହାଇଟେକ	
୧୫୩	ବିଶାଖାପାଟଣା-ବୈଲାଡିଲା	ନନ୍ ଏ.ସି କିମ୍ବା-ଏ.ସି	
୧୫୪	ବିଶାଖାପାଟଣା-ଜୟପୁର	୧ମ ହାଇଟେକ	
୧୫୫	ବିଶାଖାପାଟଣା-ରାଇଘର	ଦ୍ରୁତଗାମୀ	
ନୂତନ ମାର୍ଗ			
୧୫୬	ପାରଳାଖେମୁଣ୍ଡି-ହାଇଦ୍ରାବାଦ	ହାଇଟେକ	
୧୫୭	ବିଶାଖାପାଟଣା-ଅନକାପାଲି ଭାୟା-ବିଜୟନଗରମ,
ସିମିଳିଗୁଡା	
ଦ୍ରୁତଗାମୀ	
୧୫୮	କୋସାଗୁମୁଡା-ଗୁଣ୍ଟୁର	ହାଇଟେକ	
	ସମ୍ବଲପୁର		
ସମ୍ବଲପୁର ଶାଖା (ଚଳନ୍ତି ମାର୍ଗ)			
୧୫୯	ସମ୍ବଲପୁର-ଜୟପୁର	ଦ୍ରୁତଗାମୀ	
୧୬୦	ସମ୍ବଲପୁର-ସୁନାବେଢା	ହାଇଟେକ	
୧୬୧	ସମ୍ବଲପୁର-ସିନାପାଲି	ଦ୍ରୁତଗାମୀ	
୧୬୨	ସମ୍ବଲପୁର-କଟକ	ଦ୍ରୁତଗାମୀ	
୧୬୩	ସମ୍ବଲପୁର-ବାଲିଗୁଡା ମାର୍କୋପୋଲ	ଦ୍ରୁତଗାମୀ	
୧୬୪	ସମ୍ବଲପୁର-ମୁଖିଗୁଡା	ଦ୍ରୁତଗାମୀ	
୧୬୫	ଝାରସୁଗୁଡା-ବ୍ରହ୍ମପୁର	ହାଇଟେକ	
ନୂତନ ମାର୍ଗ			
୧୬୬	ସମ୍ବଲପୁର-ମୁରସୁଣ୍ଡି ଭାୟା- ରେଢାଖୋଲ		
ବଲାଙ୍ଗୀର (ଚଳନ୍ତି ମାର୍ଗ)			
୧୬୭	ବଲାଙ୍ଗୀର-ଦାମନଯୋଡି	ଦ୍ରୁତଗାମୀ	(ଦିନ)
୧୬୮	ଟିଟିଲାଗଡ- ବ୍ରହ୍ମପୁର	ଦ୍ରୁତଗାମୀ	
୧୬୯	ବଲାଙ୍ଗୀର-ଖରିଆର ରୋଡ	ଲିନକ୍ସ	
୧୭୦	ବଲାଙ୍ଗୀର-ଫୁଲବାଣୀ	(ଏ.ଲ.ସିଭି)	ଜୁଲାଇ ୧୩
ବଲାଙ୍ଗୀର ନୂତନ ମାର୍ଗ			
୧୭୧	ବଲାଙ୍ଗୀର-ସିନାପାଲି ଭାୟା-ରାଜଖରିଆର		(ସକାଳ)
୧୭୨	ବଲାଙ୍ଗୀର-ପଦ୍ମପୁର ଭାୟା-ନୃସିଂହନାଥ		(ସକାଳ)
୧୭୩	ଧୁମାବଟ-ବରଗଡ,ଭାୟା-ପାଞ୍ଚଶାଗଡ,
ଡମାକିପାଲି, କେନ୍ଦୁଝର		
(ସକାଳ)
୧୭୪	ବଲାଙ୍ଗୀର-ନୃସିଂହନାଥ ଭାୟା-ପଦ୍ମପୁର	ଦ୍ରୁତଗାମୀ	
୧୭୫	ସମ୍ବଲପୁର-ଧର୍ମଗଡ ଭାୟା-ବରଗଡ, ବଲାଙ୍ଗୀର,
ପାଟଣାଗଡ, ଖରିଆର ଓ ସିନାପାଲ୍ଲି		
୧୭୬	ବଲାଙ୍ଗୀର-ଭୁବନେଶ୍ୱର ଭାୟା-ବୀରମହାରାଜପୁର	ହାଇଟେକ	
୧୭୭	ଖରିଆର-ଭୁବନେଶ୍ୱର	ହାଇଟେକ	
୧୭୮	ବଲାଙ୍ଗୀର-କଲମପୁର	ଦ୍ରୁତଗାମୀ	
୧୭୯	ବଲାଙ୍ଗୀର-ଉମରକୋଟ	ଦ୍ରୁତଗାମୀ	
ବରଗଡ ଶାଖା (ଚଳନ୍ତି ମାର୍ଗ)			
୧୮୦	ବରଗଡ-ନବରଙ୍ଗପୁର	ଦ୍ରୁତଗାମୀ	ସେପ୍ଟେମ୍ବର-୧୩
୧୮୧	ବରଗଡ-କଟକ	ଦ୍ରୁତଗାମୀ	
୧୮୨	ସୁନ୍ଦରଗଡ-ଧର୍ମଗଡ ଭାୟା- ବରଗଡ	ଦ୍ରୁତଗାମୀ	
୧୮୩	ବରଗଡ-ସମ୍ବଲପୁର (ପ୍ରଥମ) ମାର୍କୋପୋଲ	ଦ୍ରୁତଗାମୀ	
୧୮୪	ବରଗଡ-ବ୍ରହ୍ମପୁର	ହାଇଟେକ	
୧୮୫	ବରଗଡ-ବ୍ରହ୍ମପୁର	୧ମ ଦ୍ରୁତଗାମୀ	
୧୮୬	ବରଗଡ-ସୁନାବେଢା	ହାଇଟେକ	
୧୮୭	ବରଗଡ- ସମ୍ବଲପୁର	୨ୟ	
୧୮୮	ବରଗଡ-ସମ୍ବଲପୁର	୩ୟ	ସକାଳ-୭.୩୦
ନୂତନ ମାର୍ଗ			
୧୮୯	ବରଗଡ- ନୃସିଂହନାଥ ଭାୟା- ପଦ୍ମପୁର	ଦ୍ରୁତଗାମୀ	
୧୯୦	ବରଗଡ-ବ୍ରହ୍ମପୁର ଭାୟା- ବୁର୍ଲା, ରେଢାଖୋଲ		
ରାଉରକେଲା ଶାଖା (ଚଳନ୍ତି ମାର୍ଗ)			
୧୯୧	ରାଉରକେଲା-ନୟାଗଡ	ଦ୍ରୁତଗାମୀ	
୧୯୨	ରାଉରକେଲା-ଆସିକା ଭାୟା-କିଆକଟା	ଦ୍ରୁତଗାମୀ	
୧୯୩	ରାଉରକେଲା-ଜୟପୁର	ହାଇଟେକ	
୧୯୪	ରାଉରକେଲା- ପାନପୋଷ	ଦ୍ରୁତଗାମୀ	
୧୯୫	ରାଉରକେଲା-ଚାନ୍ଦବାଲି	ଦ୍ରୁତଗାମୀ	
୧୯୬	ରାଉରକେଲା-ଧାମରା	ଦ୍ରୁତଗାମୀ	
ନୂତନ ମାର୍ଗ			
୧୯୭	ରାଉରକେଲା-ଟିକିଟି ଭାୟା-ବ୍ରହ୍ମପୁର	ହାଇଟେକ	
ପଦ୍ମପୁର ଶାଖା(ଚଳନ୍ତି ମାର୍ଗ)			
୧୯୮	ଖରିଆର ରୋଡ-ଭୁବନେଶ୍ୱର	ହାଇଟେକ	
୧୯୯	ପଦ୍ମପୁର- ଭବାନୀପାଟଣା	ଦ୍ରୁତଗାମୀ	
୨୦୦	ପଦ୍ମପୁର-ବ୍ରହ୍ମପୁର	ଦ୍ରୁତଗାମୀ	
୨୦୧	ପଦ୍ମପୁର-ସମ୍ବଲପୁର -୧	ସାଧାରଣ	ଅଗଷ୍ଟ-୧୩
ନୂଆ ମାର୍ଗ			
୨୦୨	ପଦ୍ମପୁର-ସୋନପୁର ଭାୟା ଗାଇସିଲେଟ.		
ସ୍ୱା./- ସାଧାରଣ ପରିଚାଳକ (ପ୍ରଶାସନ)
ଓଡ଼ିଶା ରାଜ୍ୟ ସଡ଼କ ପରିବହନ ନିଗମ, ଭୁବନେଶ୍ୱର
